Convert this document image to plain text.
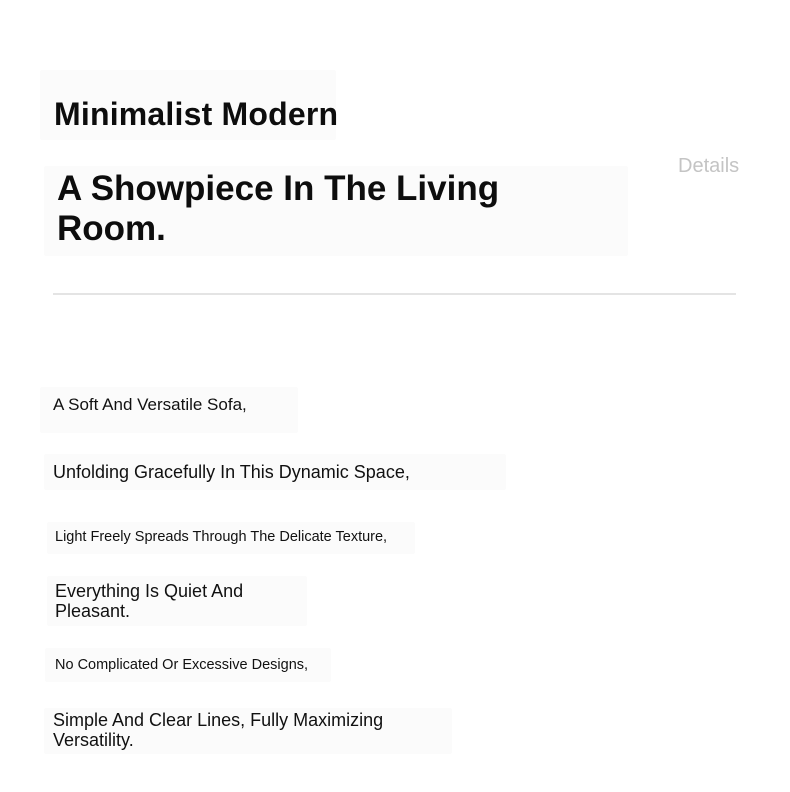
Minimalist Modern
A Showpiece In The Living Room.
Details
A Soft And Versatile Sofa,
Unfolding Gracefully In This Dynamic Space,
Light Freely Spreads Through The Delicate Texture,
Everything Is Quiet And Pleasant.
No Complicated Or Excessive Designs,
Simple And Clear Lines, Fully Maximizing Versatility.
